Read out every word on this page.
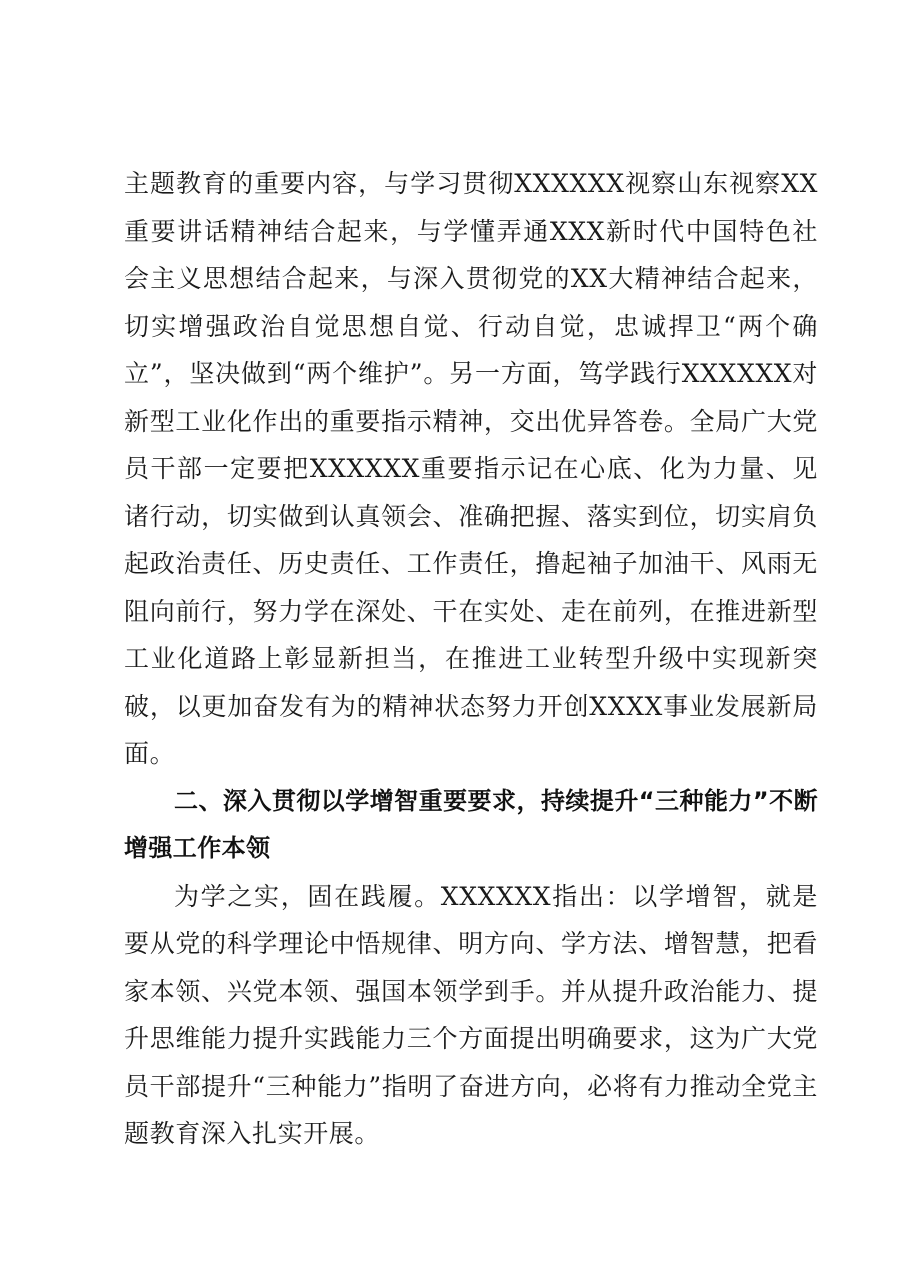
主题教育的重要内容，与学习贯彻XXXXXX视察山东视察XX重要讲话精神结合起来，与学懂弄通XXX新时代中国特色社会主义思想结合起来，与深入贯彻党的XX大精神结合起来，切实增强政治自觉思想自觉、行动自觉，忠诚捍卫“两个确立”，坚决做到“两个维护”。另一方面，笃学践行XXXXXX对新型工业化作出的重要指示精神，交出优异答卷。全局广大党员干部一定要把XXXXXX重要指示记在心底、化为力量、见诸行动，切实做到认真领会、准确把握、落实到位，切实肩负起政治责任、历史责任、工作责任，撸起袖子加油干、风雨无阻向前行，努力学在深处、干在实处、走在前列，在推进新型工业化道路上彰显新担当，在推进工业转型升级中实现新突破，以更加奋发有为的精神状态努力开创XXXX事业发展新局面。

二、深入贯彻以学增智重要要求，持续提升“三种能力”不断增强工作本领

为学之实，固在践履。XXXXXX指出：以学增智，就是要从党的科学理论中悟规律、明方向、学方法、增智慧，把看家本领、兴党本领、强国本领学到手。并从提升政治能力、提升思维能力提升实践能力三个方面提出明确要求，这为广大党员干部提升“三种能力”指明了奋进方向，必将有力推动全党主题教育深入扎实开展。
